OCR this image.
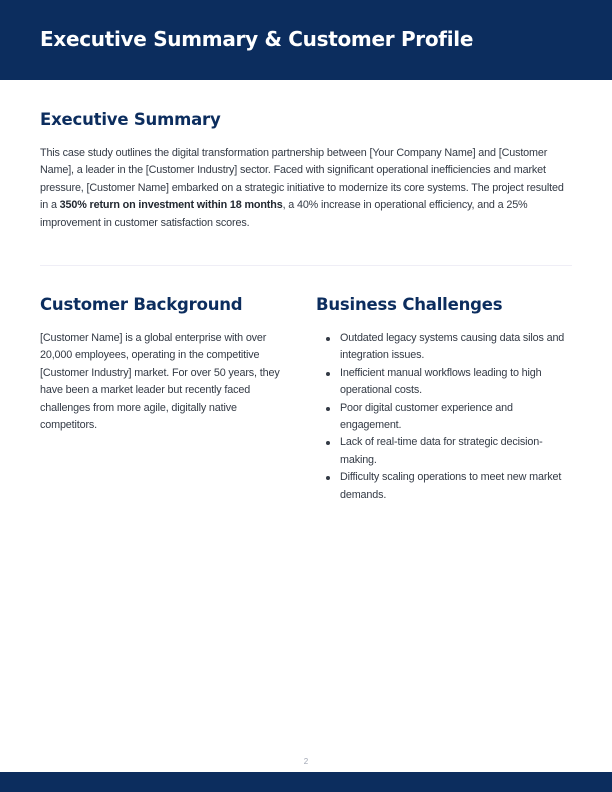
Executive Summary & Customer Profile
Executive Summary

This case study outlines the digital transformation partnership between [Your Company Name] and [Customer Name], a leader in the [Customer Industry] sector. Faced with significant operational inefficiencies and market pressure, [Customer Name] embarked on a strategic initiative to modernize its core systems. The project resulted in a 350% return on investment within 18 months, a 40% increase in operational efficiency, and a 25% improvement in customer satisfaction scores.

Customer Background

[Customer Name] is a global enterprise with over 20,000 employees, operating in the competitive [Customer Industry] market. For over 50 years, they have been a market leader but recently faced challenges from more agile, digitally native competitors.

Business Challenges
Outdated legacy systems causing data silos and integration issues.
Inefficient manual workflows leading to high operational costs.
Poor digital customer experience and engagement.
Lack of real-time data for strategic decision-making.
Difficulty scaling operations to meet new market demands.
2
